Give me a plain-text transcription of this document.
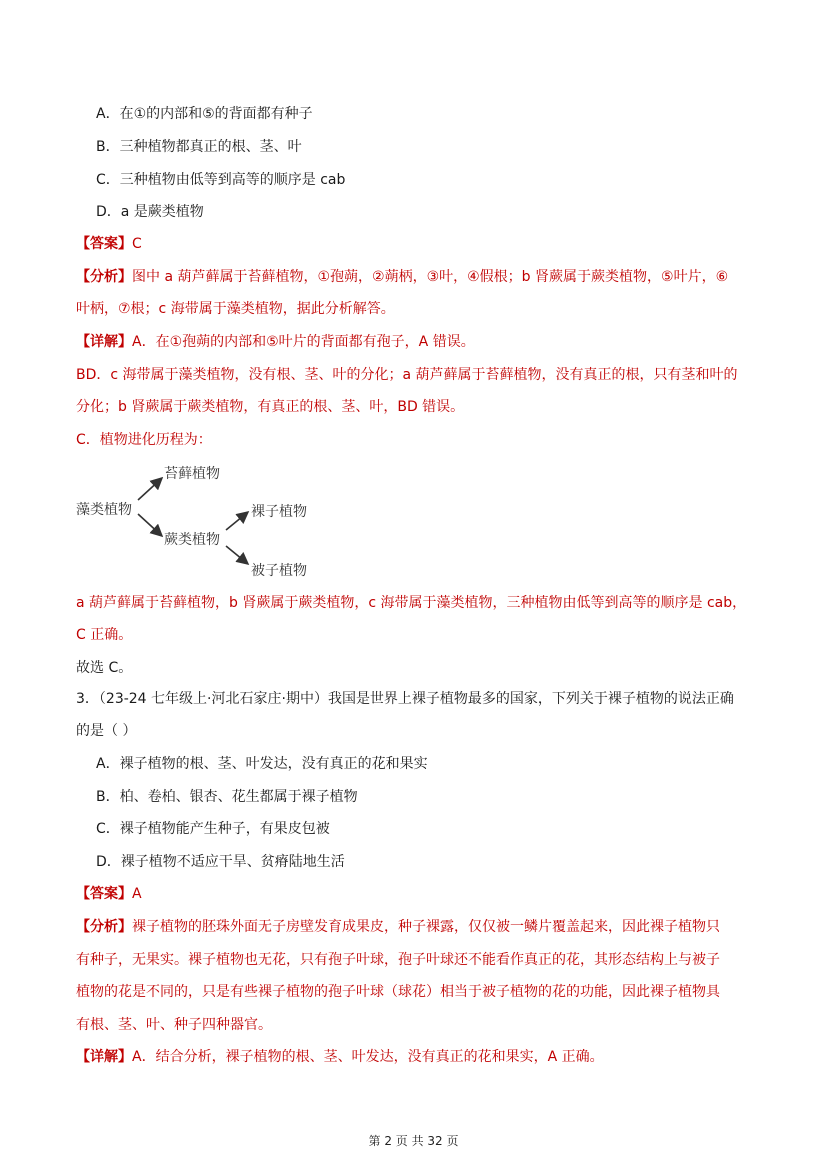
A．在①的内部和⑤的背面都有种子
B．三种植物都真正的根、茎、叶
C．三种植物由低等到高等的顺序是 cab
D．a 是蕨类植物
【答案】C
【分析】图中 a 葫芦藓属于苔藓植物，①孢蒴，②蒴柄，③叶，④假根；b 肾蕨属于蕨类植物，⑤叶片，⑥
叶柄，⑦根；c 海带属于藻类植物，据此分析解答。
【详解】A．在①孢蒴的内部和⑤叶片的背面都有孢子，A 错误。
BD．c 海带属于藻类植物，没有根、茎、叶的分化；a 葫芦藓属于苔藓植物，没有真正的根，只有茎和叶的
分化；b 肾蕨属于蕨类植物，有真正的根、茎、叶，BD 错误。
C．植物进化历程为：
藻类植物
苔藓植物
蕨类植物
裸子植物
被子植物
a 葫芦藓属于苔藓植物，b 肾蕨属于蕨类植物，c 海带属于藻类植物，三种植物由低等到高等的顺序是 cab，
C 正确。
故选 C。
3．（23-24 七年级上·河北石家庄·期中）我国是世界上裸子植物最多的国家，下列关于裸子植物的说法正确
的是（ ）
A．裸子植物的根、茎、叶发达，没有真正的花和果实
B．柏、卷柏、银杏、花生都属于裸子植物
C．裸子植物能产生种子，有果皮包被
D．裸子植物不适应干旱、贫瘠陆地生活
【答案】A
【分析】裸子植物的胚珠外面无子房壁发育成果皮，种子裸露，仅仅被一鳞片覆盖起来，因此裸子植物只
有种子，无果实。裸子植物也无花，只有孢子叶球，孢子叶球还不能看作真正的花，其形态结构上与被子
植物的花是不同的，只是有些裸子植物的孢子叶球（球花）相当于被子植物的花的功能，因此裸子植物具
有根、茎、叶、种子四种器官。
【详解】A．结合分析，裸子植物的根、茎、叶发达，没有真正的花和果实，A 正确。
第 2 页 共 32 页
